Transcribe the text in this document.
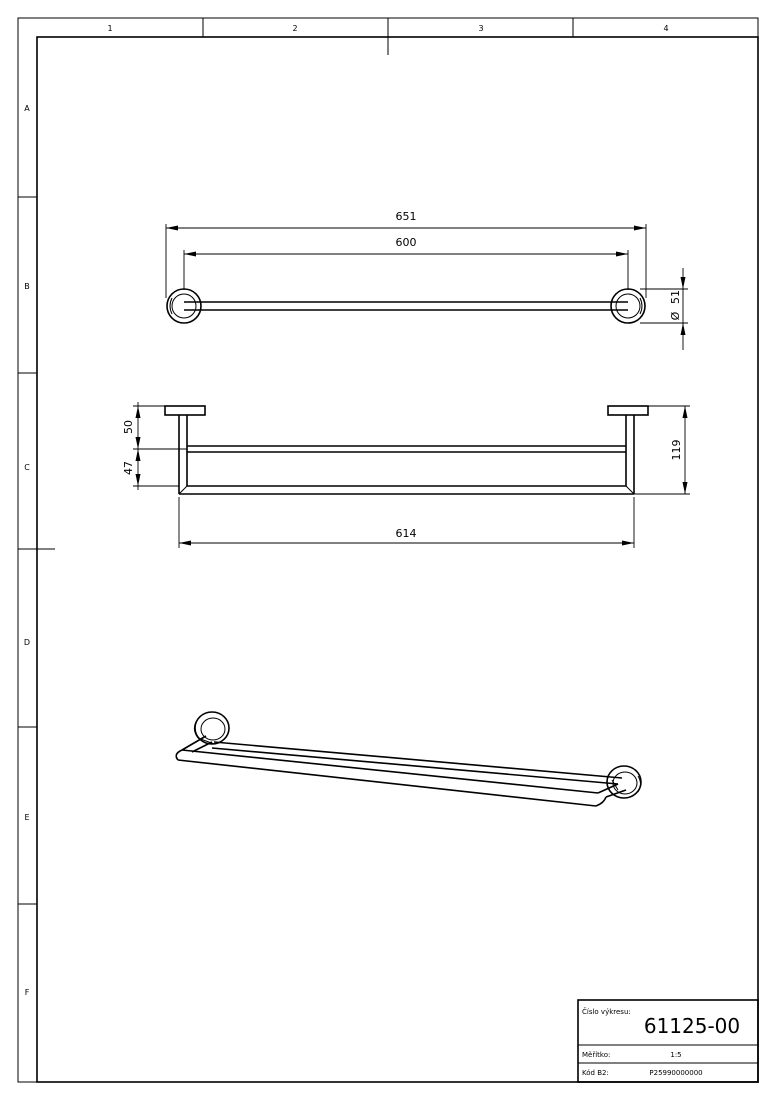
1	2	3	4
A
B
C
D
E
F
651
600
Ø
51
50
47
119
614
Číslo výkresu:
61125-00
Měřítko:	1:5
Kód B2:	P25990000000
